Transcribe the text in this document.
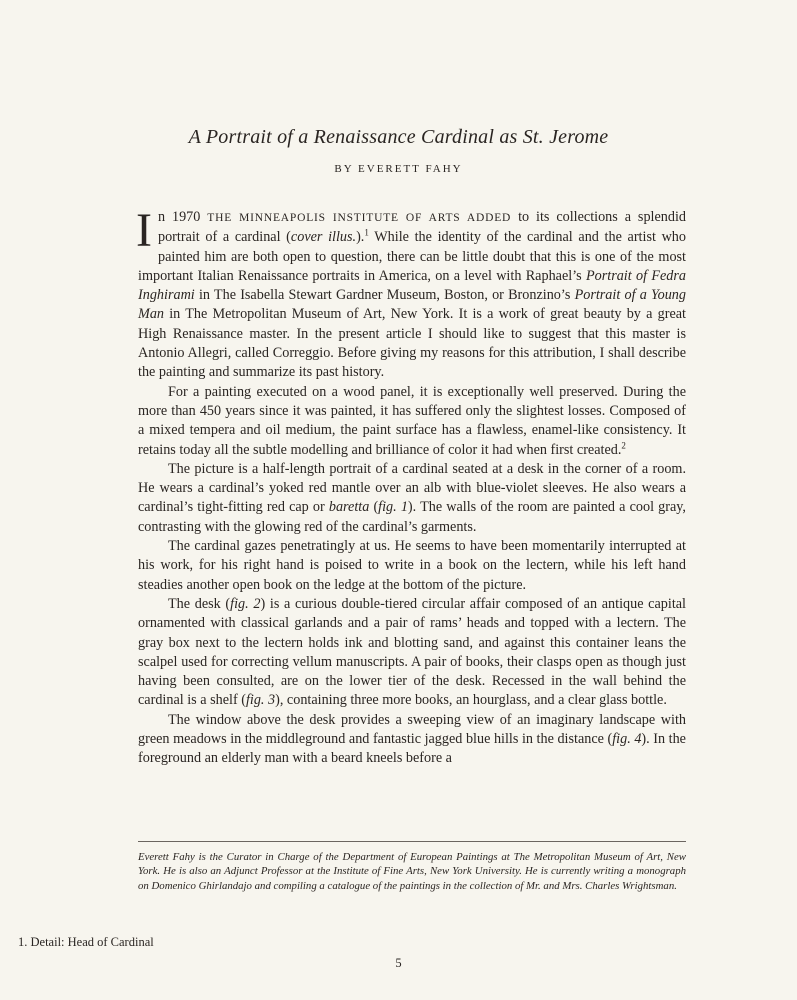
A Portrait of a Renaissance Cardinal as St. Jerome
BY EVERETT FAHY

In 1970 THE MINNEAPOLIS INSTITUTE OF ARTS ADDED to its collections a splendid portrait of a cardinal (cover illus.).$^1$ While the identity of the cardinal and the artist who painted him are both open to question, there can be little doubt that this is one of the most important Italian Renaissance portraits in America, on a level with Raphael’s Portrait of Fedra Inghirami in The Isabella Stewart Gardner Museum, Boston, or Bronzino’s Portrait of a Young Man in The Metropolitan Museum of Art, New York. It is a work of great beauty by a great High Renaissance master. In the present article I should like to suggest that this master is Antonio Allegri, called Correggio. Before giving my reasons for this attribution, I shall describe the painting and summarize its past history.

For a painting executed on a wood panel, it is exceptionally well preserved. During the more than 450 years since it was painted, it has suffered only the slightest losses. Composed of a mixed tempera and oil medium, the paint surface has a flawless, enamel-like consistency. It retains today all the subtle modelling and brilliance of color it had when first created.$^2$

The picture is a half-length portrait of a cardinal seated at a desk in the corner of a room. He wears a cardinal’s yoked red mantle over an alb with blue-violet sleeves. He also wears a cardinal’s tight-fitting red cap or baretta (fig. 1). The walls of the room are painted a cool gray, contrasting with the glowing red of the cardinal’s garments.

The cardinal gazes penetratingly at us. He seems to have been momentarily interrupted at his work, for his right hand is poised to write in a book on the lectern, while his left hand steadies another open book on the ledge at the bottom of the picture.

The desk (fig. 2) is a curious double-tiered circular affair composed of an antique capital ornamented with classical garlands and a pair of rams’ heads and topped with a lectern. The gray box next to the lectern holds ink and blotting sand, and against this container leans the scalpel used for correcting vellum manuscripts. A pair of books, their clasps open as though just having been consulted, are on the lower tier of the desk. Recessed in the wall behind the cardinal is a shelf (fig. 3), containing three more books, an hourglass, and a clear glass bottle.

The window above the desk provides a sweeping view of an imaginary landscape with green meadows in the middleground and fantastic jagged blue hills in the distance (fig. 4). In the foreground an elderly man with a beard kneels before a

Everett Fahy is the Curator in Charge of the Department of European Paintings at The Metropolitan Museum of Art, New York. He is also an Adjunct Professor at the Institute of Fine Arts, New York University. He is currently writing a monograph on Domenico Ghirlandajo and compiling a catalogue of the paintings in the collection of Mr. and Mrs. Charles Wrightsman.
1. Detail: Head of Cardinal
5
